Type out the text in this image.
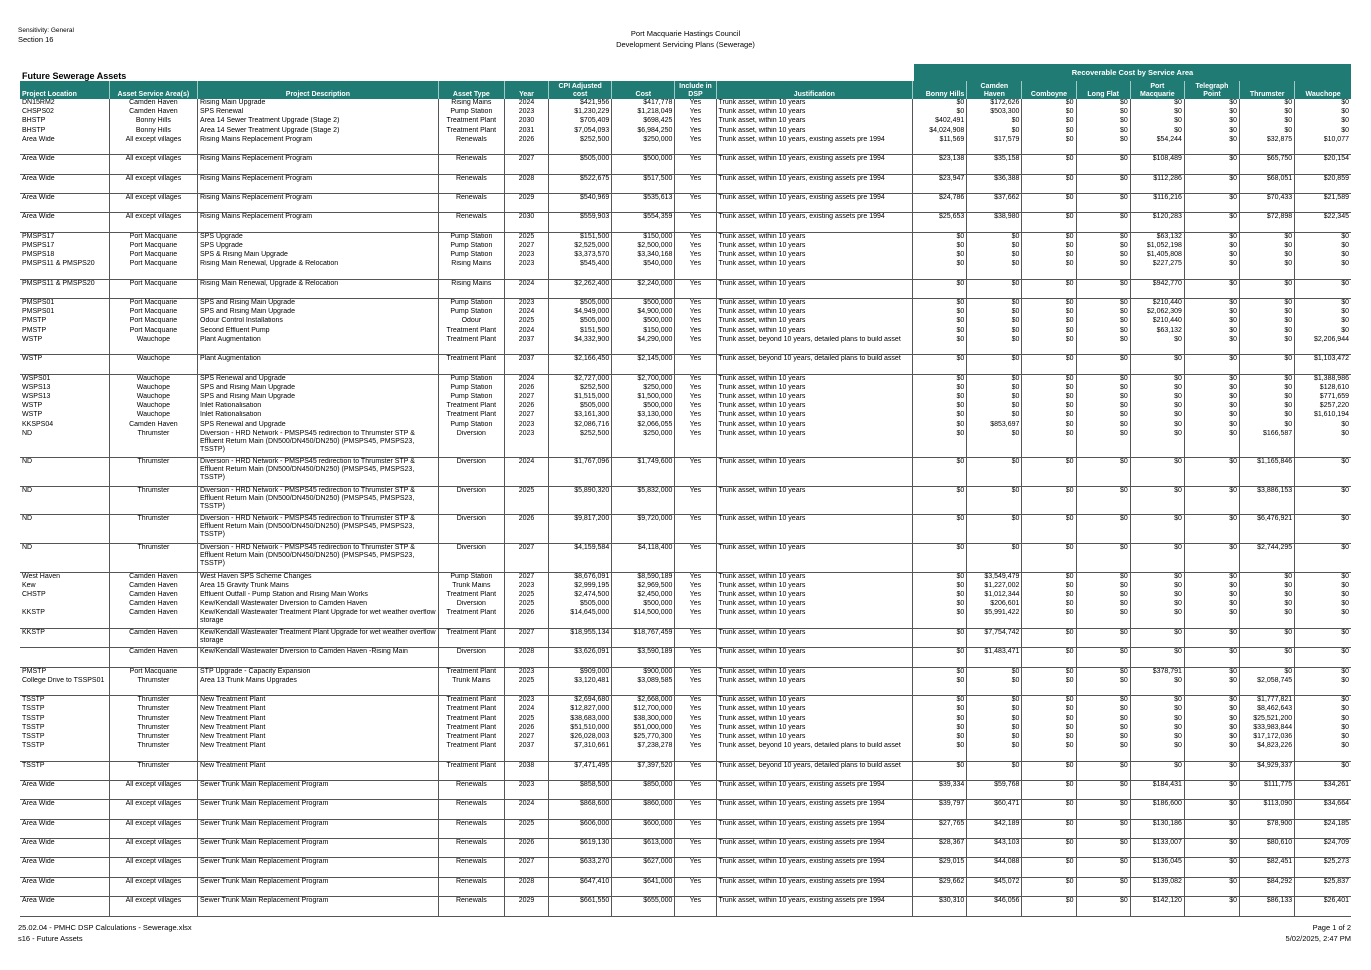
Sensitivity: General
Section 16
Port Macquarie Hastings Council
Development Servicing Plans (Sewerage)
Future Sewerage Assets	Recoverable Cost by Service Area
Project Location	Asset Service Area(s)	Project Description	Asset Type	Year	CPI Adjusted cost	Cost	Include in DSP	Justification	Bonny Hills	Camden Haven	Comboyne	Long Flat	Port Macquarie	Telegraph Point	Thrumster	Wauchope
DN15RM2	Camden Haven	Rising Main Upgrade	Rising Mains	2024	$421,956	$417,778	Yes	Trunk asset, within 10 years	$0	$172,626	$0	$0	$0	$0	$0	$0
CHSPS02	Camden Haven	SPS Renewal	Pump Station	2023	$1,230,229	$1,218,049	Yes	Trunk asset, within 10 years	$0	$503,300	$0	$0	$0	$0	$0	$0
BHSTP	Bonny Hills	Area 14 Sewer Treatment Upgrade (Stage 2)	Treatment Plant	2030	$705,409	$698,425	Yes	Trunk asset, within 10 years	$402,491	$0	$0	$0	$0	$0	$0	$0
BHSTP	Bonny Hills	Area 14 Sewer Treatment Upgrade (Stage 2)	Treatment Plant	2031	$7,054,093	$6,984,250	Yes	Trunk asset, within 10 years	$4,024,908	$0	$0	$0	$0	$0	$0	$0
Area Wide	All except villages	Rising Mains Replacement Program	Renewals	2026	$252,500	$250,000	Yes	Trunk asset, within 10 years, existing assets pre 1994	$11,569	$17,579	$0	$0	$54,244	$0	$32,875	$10,077
Area Wide	All except villages	Rising Mains Replacement Program	Renewals	2027	$505,000	$500,000	Yes	Trunk asset, within 10 years, existing assets pre 1994	$23,138	$35,158	$0	$0	$108,489	$0	$65,750	$20,154
Area Wide	All except villages	Rising Mains Replacement Program	Renewals	2028	$522,675	$517,500	Yes	Trunk asset, within 10 years, existing assets pre 1994	$23,947	$36,388	$0	$0	$112,286	$0	$68,051	$20,859
Area Wide	All except villages	Rising Mains Replacement Program	Renewals	2029	$540,969	$535,613	Yes	Trunk asset, within 10 years, existing assets pre 1994	$24,786	$37,662	$0	$0	$116,216	$0	$70,433	$21,589
Area Wide	All except villages	Rising Mains Replacement Program	Renewals	2030	$559,903	$554,359	Yes	Trunk asset, within 10 years, existing assets pre 1994	$25,653	$38,980	$0	$0	$120,283	$0	$72,898	$22,345
PMSPS17	Port Macquarie	SPS Upgrade	Pump Station	2025	$151,500	$150,000	Yes	Trunk asset, within 10 years	$0	$0	$0	$0	$63,132	$0	$0	$0
PMSPS17	Port Macquarie	SPS Upgrade	Pump Station	2027	$2,525,000	$2,500,000	Yes	Trunk asset, within 10 years	$0	$0	$0	$0	$1,052,198	$0	$0	$0
PMSPS18	Port Macquarie	SPS & Rising Main Upgrade	Pump Station	2023	$3,373,570	$3,340,168	Yes	Trunk asset, within 10 years	$0	$0	$0	$0	$1,405,808	$0	$0	$0
PMSPS11 & PMSPS20	Port Macquarie	Rising Main Renewal, Upgrade & Relocation	Rising Mains	2023	$545,400	$540,000	Yes	Trunk asset, within 10 years	$0	$0	$0	$0	$227,275	$0	$0	$0
PMSPS11 & PMSPS20	Port Macquarie	Rising Main Renewal, Upgrade & Relocation	Rising Mains	2024	$2,262,400	$2,240,000	Yes	Trunk asset, within 10 years	$0	$0	$0	$0	$942,770	$0	$0	$0
PMSPS01	Port Macquarie	SPS and Rising Main Upgrade	Pump Station	2023	$505,000	$500,000	Yes	Trunk asset, within 10 years	$0	$0	$0	$0	$210,440	$0	$0	$0
PMSPS01	Port Macquarie	SPS and Rising Main Upgrade	Pump Station	2024	$4,949,000	$4,900,000	Yes	Trunk asset, within 10 years	$0	$0	$0	$0	$2,062,309	$0	$0	$0
PMSTP	Port Macquarie	Odour Control Installations	Odour	2025	$505,000	$500,000	Yes	Trunk asset, within 10 years	$0	$0	$0	$0	$210,440	$0	$0	$0
PMSTP	Port Macquarie	Second Effluent Pump	Treatment Plant	2024	$151,500	$150,000	Yes	Trunk asset, within 10 years	$0	$0	$0	$0	$63,132	$0	$0	$0
WSTP	Wauchope	Plant Augmentation	Treatment Plant	2037	$4,332,900	$4,290,000	Yes	Trunk asset, beyond 10 years, detailed plans to build asset	$0	$0	$0	$0	$0	$0	$0	$2,206,944
WSTP	Wauchope	Plant Augmentation	Treatment Plant	2037	$2,166,450	$2,145,000	Yes	Trunk asset, beyond 10 years, detailed plans to build asset	$0	$0	$0	$0	$0	$0	$0	$1,103,472
WSPS01	Wauchope	SPS Renewal and Upgrade	Pump Station	2024	$2,727,000	$2,700,000	Yes	Trunk asset, within 10 years	$0	$0	$0	$0	$0	$0	$0	$1,388,986
WSPS13	Wauchope	SPS and Rising Main Upgrade	Pump Station	2026	$252,500	$250,000	Yes	Trunk asset, within 10 years	$0	$0	$0	$0	$0	$0	$0	$128,610
WSPS13	Wauchope	SPS and Rising Main Upgrade	Pump Station	2027	$1,515,000	$1,500,000	Yes	Trunk asset, within 10 years	$0	$0	$0	$0	$0	$0	$0	$771,659
WSTP	Wauchope	Inlet Rationalisation	Treatment Plant	2026	$505,000	$500,000	Yes	Trunk asset, within 10 years	$0	$0	$0	$0	$0	$0	$0	$257,220
WSTP	Wauchope	Inlet Rationalisation	Treatment Plant	2027	$3,161,300	$3,130,000	Yes	Trunk asset, within 10 years	$0	$0	$0	$0	$0	$0	$0	$1,610,194
KKSPS04	Camden Haven	SPS Renewal and Upgrade	Pump Station	2023	$2,086,716	$2,066,055	Yes	Trunk asset, within 10 years	$0	$853,697	$0	$0	$0	$0	$0	$0
ND	Thrumster	Diversion - HRD Network - PMSPS45 redirection to Thrumster STP & Effluent Return Main (DN500/DN450/DN250) (PMSPS45, PMSPS23, TSSTP)	Diversion	2023	$252,500	$250,000	Yes	Trunk asset, within 10 years	$0	$0	$0	$0	$0	$0	$166,587	$0
ND	Thrumster	Diversion - HRD Network - PMSPS45 redirection to Thrumster STP & Effluent Return Main (DN500/DN450/DN250) (PMSPS45, PMSPS23, TSSTP)	Diversion	2024	$1,767,096	$1,749,600	Yes	Trunk asset, within 10 years	$0	$0	$0	$0	$0	$0	$1,165,846	$0
ND	Thrumster	Diversion - HRD Network - PMSPS45 redirection to Thrumster STP & Effluent Return Main (DN500/DN450/DN250) (PMSPS45, PMSPS23, TSSTP)	Diversion	2025	$5,890,320	$5,832,000	Yes	Trunk asset, within 10 years	$0	$0	$0	$0	$0	$0	$3,886,153	$0
ND	Thrumster	Diversion - HRD Network - PMSPS45 redirection to Thrumster STP & Effluent Return Main (DN500/DN450/DN250) (PMSPS45, PMSPS23, TSSTP)	Diversion	2026	$9,817,200	$9,720,000	Yes	Trunk asset, within 10 years	$0	$0	$0	$0	$0	$0	$6,476,921	$0
ND	Thrumster	Diversion - HRD Network - PMSPS45 redirection to Thrumster STP & Effluent Return Main (DN500/DN450/DN250) (PMSPS45, PMSPS23, TSSTP)	Diversion	2027	$4,159,584	$4,118,400	Yes	Trunk asset, within 10 years	$0	$0	$0	$0	$0	$0	$2,744,295	$0
West Haven	Camden Haven	West Haven SPS Scheme Changes	Pump Station	2027	$8,676,091	$8,590,189	Yes	Trunk asset, within 10 years	$0	$3,549,479	$0	$0	$0	$0	$0	$0
Kew	Camden Haven	Area 15 Gravity Trunk Mains	Trunk Mains	2023	$2,999,195	$2,969,500	Yes	Trunk asset, within 10 years	$0	$1,227,002	$0	$0	$0	$0	$0	$0
CHSTP	Camden Haven	Effluent Outfall - Pump Station and Rising Main Works	Treatment Plant	2025	$2,474,500	$2,450,000	Yes	Trunk asset, within 10 years	$0	$1,012,344	$0	$0	$0	$0	$0	$0
	Camden Haven	Kew/Kendall Wastewater Diversion to Camden Haven	Diversion	2025	$505,000	$500,000	Yes	Trunk asset, within 10 years	$0	$206,601	$0	$0	$0	$0	$0	$0
KKSTP	Camden Haven	Kew/Kendall Wastewater Treatment Plant Upgrade for wet weather overflow storage	Treatment Plant	2026	$14,645,000	$14,500,000	Yes	Trunk asset, within 10 years	$0	$5,991,422	$0	$0	$0	$0	$0	$0
KKSTP	Camden Haven	Kew/Kendall Wastewater Treatment Plant Upgrade for wet weather overflow storage	Treatment Plant	2027	$18,955,134	$18,767,459	Yes	Trunk asset, within 10 years	$0	$7,754,742	$0	$0	$0	$0	$0	$0
	Camden Haven	Kew/Kendall Wastewater Diversion to Camden Haven -Rising Main	Diversion	2028	$3,626,091	$3,590,189	Yes	Trunk asset, within 10 years	$0	$1,483,471	$0	$0	$0	$0	$0	$0
PMSTP	Port Macquarie	STP Upgrade - Capacity Expansion	Treatment Plant	2023	$909,000	$900,000	Yes	Trunk asset, within 10 years	$0	$0	$0	$0	$378,791	$0	$0	$0
College Drive to TSSPS01	Thrumster	Area 13 Trunk Mains Upgrades	Trunk Mains	2025	$3,120,481	$3,089,585	Yes	Trunk asset, within 10 years	$0	$0	$0	$0	$0	$0	$2,058,745	$0
TSSTP	Thrumster	New Treatment Plant	Treatment Plant	2023	$2,694,680	$2,668,000	Yes	Trunk asset, within 10 years	$0	$0	$0	$0	$0	$0	$1,777,821	$0
TSSTP	Thrumster	New Treatment Plant	Treatment Plant	2024	$12,827,000	$12,700,000	Yes	Trunk asset, within 10 years	$0	$0	$0	$0	$0	$0	$8,462,643	$0
TSSTP	Thrumster	New Treatment Plant	Treatment Plant	2025	$38,683,000	$38,300,000	Yes	Trunk asset, within 10 years	$0	$0	$0	$0	$0	$0	$25,521,200	$0
TSSTP	Thrumster	New Treatment Plant	Treatment Plant	2026	$51,510,000	$51,000,000	Yes	Trunk asset, within 10 years	$0	$0	$0	$0	$0	$0	$33,983,844	$0
TSSTP	Thrumster	New Treatment Plant	Treatment Plant	2027	$26,028,003	$25,770,300	Yes	Trunk asset, within 10 years	$0	$0	$0	$0	$0	$0	$17,172,036	$0
TSSTP	Thrumster	New Treatment Plant	Treatment Plant	2037	$7,310,661	$7,238,278	Yes	Trunk asset, beyond 10 years, detailed plans to build asset	$0	$0	$0	$0	$0	$0	$4,823,226	$0
TSSTP	Thrumster	New Treatment Plant	Treatment Plant	2038	$7,471,495	$7,397,520	Yes	Trunk asset, beyond 10 years, detailed plans to build asset	$0	$0	$0	$0	$0	$0	$4,929,337	$0
Area Wide	All except villages	Sewer Trunk Main Replacement Program	Renewals	2023	$858,500	$850,000	Yes	Trunk asset, within 10 years, existing assets pre 1994	$39,334	$59,768	$0	$0	$184,431	$0	$111,775	$34,261
Area Wide	All except villages	Sewer Trunk Main Replacement Program	Renewals	2024	$868,600	$860,000	Yes	Trunk asset, within 10 years, existing assets pre 1994	$39,797	$60,471	$0	$0	$186,600	$0	$113,090	$34,664
Area Wide	All except villages	Sewer Trunk Main Replacement Program	Renewals	2025	$606,000	$600,000	Yes	Trunk asset, within 10 years, existing assets pre 1994	$27,765	$42,189	$0	$0	$130,186	$0	$78,900	$24,185
Area Wide	All except villages	Sewer Trunk Main Replacement Program	Renewals	2026	$619,130	$613,000	Yes	Trunk asset, within 10 years, existing assets pre 1994	$28,367	$43,103	$0	$0	$133,007	$0	$80,610	$24,709
Area Wide	All except villages	Sewer Trunk Main Replacement Program	Renewals	2027	$633,270	$627,000	Yes	Trunk asset, within 10 years, existing assets pre 1994	$29,015	$44,088	$0	$0	$136,045	$0	$82,451	$25,273
Area Wide	All except villages	Sewer Trunk Main Replacement Program	Renewals	2028	$647,410	$641,000	Yes	Trunk asset, within 10 years, existing assets pre 1994	$29,662	$45,072	$0	$0	$139,082	$0	$84,292	$25,837
Area Wide	All except villages	Sewer Trunk Main Replacement Program	Renewals	2029	$661,550	$655,000	Yes	Trunk asset, within 10 years, existing assets pre 1994	$30,310	$46,056	$0	$0	$142,120	$0	$86,133	$26,401
25.02.04 - PMHC DSP Calculations - Sewerage.xlsx
s16 - Future Assets
Page 1 of 2
5/02/2025, 2:47 PM
